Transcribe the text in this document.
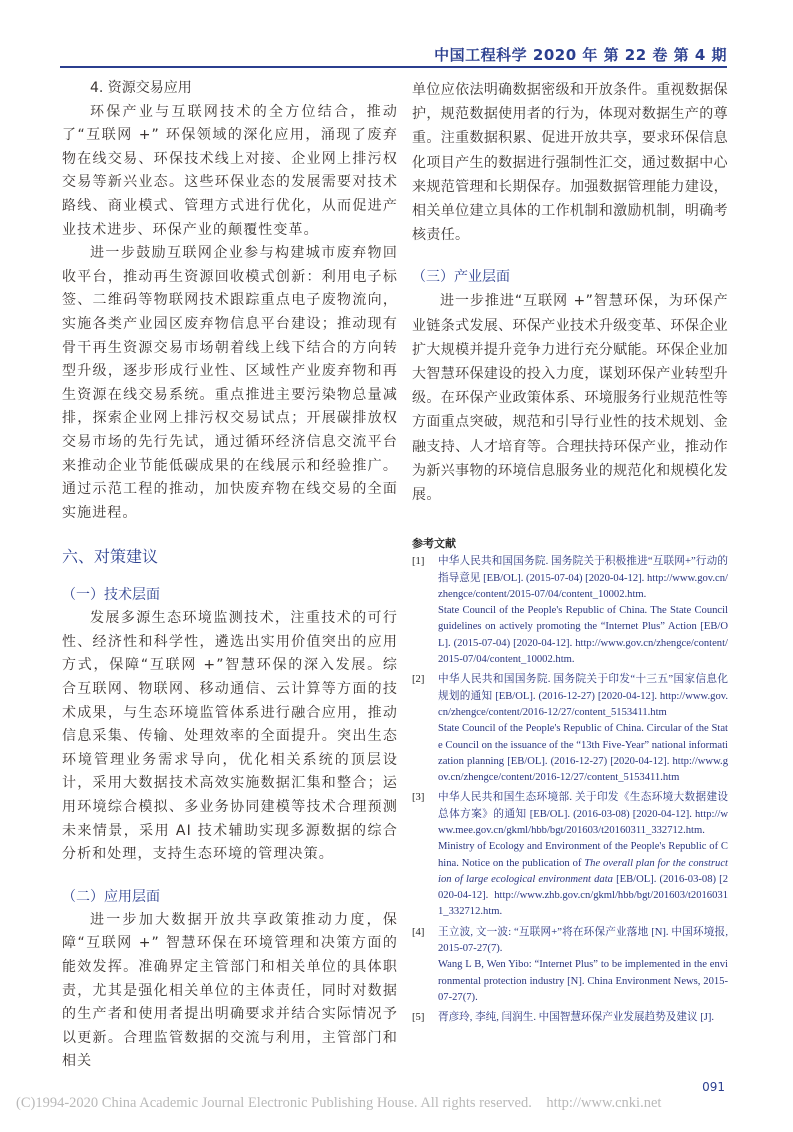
中国工程科学 2020 年 第 22 卷 第 4 期

4. 资源交易应用

环保产业与互联网技术的全方位结合，推动了“互联网 +” 环保领域的深化应用，涌现了废弃物在线交易、环保技术线上对接、企业网上排污权交易等新兴业态。这些环保业态的发展需要对技术路线、商业模式、管理方式进行优化，从而促进产业技术进步、环保产业的颠覆性变革。

进一步鼓励互联网企业参与构建城市废弃物回收平台，推动再生资源回收模式创新：利用电子标签、二维码等物联网技术跟踪重点电子废物流向，实施各类产业园区废弃物信息平台建设；推动现有骨干再生资源交易市场朝着线上线下结合的方向转型升级，逐步形成行业性、区域性产业废弃物和再生资源在线交易系统。重点推进主要污染物总量减排，探索企业网上排污权交易试点；开展碳排放权交易市场的先行先试，通过循环经济信息交流平台来推动企业节能低碳成果的在线展示和经验推广。通过示范工程的推动，加快废弃物在线交易的全面实施进程。

六、对策建议

（一）技术层面

发展多源生态环境监测技术，注重技术的可行性、经济性和科学性，遴选出实用价值突出的应用方式，保障“互联网 +”智慧环保的深入发展。综合互联网、物联网、移动通信、云计算等方面的技术成果，与生态环境监管体系进行融合应用，推动信息采集、传输、处理效率的全面提升。突出生态环境管理业务需求导向，优化相关系统的顶层设计，采用大数据技术高效实施数据汇集和整合；运用环境综合模拟、多业务协同建模等技术合理预测未来情景，采用 AI 技术辅助实现多源数据的综合分析和处理，支持生态环境的管理决策。

（二）应用层面

进一步加大数据开放共享政策推动力度，保障“互联网 +” 智慧环保在环境管理和决策方面的能效发挥。准确界定主管部门和相关单位的具体职责，尤其是强化相关单位的主体责任，同时对数据的生产者和使用者提出明确要求并结合实际情况予以更新。合理监管数据的交流与利用，主管部门和相关

单位应依法明确数据密级和开放条件。重视数据保护，规范数据使用者的行为，体现对数据生产的尊重。注重数据积累、促进开放共享，要求环保信息化项目产生的数据进行强制性汇交，通过数据中心来规范管理和长期保存。加强数据管理能力建设，相关单位建立具体的工作机制和激励机制，明确考核责任。

（三）产业层面

进一步推进“互联网 +”智慧环保，为环保产业链条式发展、环保产业技术升级变革、环保企业扩大规模并提升竞争力进行充分赋能。环保企业加大智慧环保建设的投入力度，谋划环保产业转型升级。在环保产业政策体系、环境服务行业规范性等方面重点突破，规范和引导行业性的技术规划、金融支持、人才培育等。合理扶持环保产业，推动作为新兴事物的环境信息服务业的规范化和规模化发展。

参考文献

[1]	中华人民共和国国务院. 国务院关于积极推进“互联网+”行动的指导意见 [EB/OL]. (2015-07-04) [2020-04-12]. http://www.gov.cn/zhengce/content/2015-07/04/content_10002.htm.
State Council of the People's Republic of China. The State Council guidelines on actively promoting the “Internet Plus” Action [EB/OL]. (2015-07-04) [2020-04-12]. http://www.gov.cn/zhengce/content/2015-07/04/content_10002.htm.
[2]	中华人民共和国国务院. 国务院关于印发“十三五”国家信息化规划的通知 [EB/OL]. (2016-12-27) [2020-04-12]. http://www.gov.cn/zhengce/content/2016-12/27/content_5153411.htm
State Council of the People's Republic of China. Circular of the State Council on the issuance of the “13th Five-Year” national informatization planning [EB/OL]. (2016-12-27) [2020-04-12]. http://www.gov.cn/zhengce/content/2016-12/27/content_5153411.htm
[3]	中华人民共和国生态环境部. 关于印发《生态环境大数据建设总体方案》的通知 [EB/OL]. (2016-03-08) [2020-04-12]. http://www.mee.gov.cn/gkml/hbb/bgt/201603/t20160311_332712.htm.
Ministry of Ecology and Environment of the People's Republic of China. Notice on the publication of The overall plan for the construction of large ecological environment data [EB/OL]. (2016-03-08) [2020-04-12]. http://www.zhb.gov.cn/gkml/hbb/bgt/201603/t20160311_332712.htm.
[4]	王立波, 文一波: “互联网+”将在环保产业落地 [N]. 中国环境报, 2015-07-27(7).
Wang L B, Wen Yibo: “Internet Plus” to be implemented in the environmental protection industry [N]. China Environment News, 2015-07-27(7).
[5]	胥彦玲, 李纯, 闫润生. 中国智慧环保产业发展趋势及建议 [J].
091
(C)1994-2020 China Academic Journal Electronic Publishing House. All rights reserved.    http://www.cnki.net
